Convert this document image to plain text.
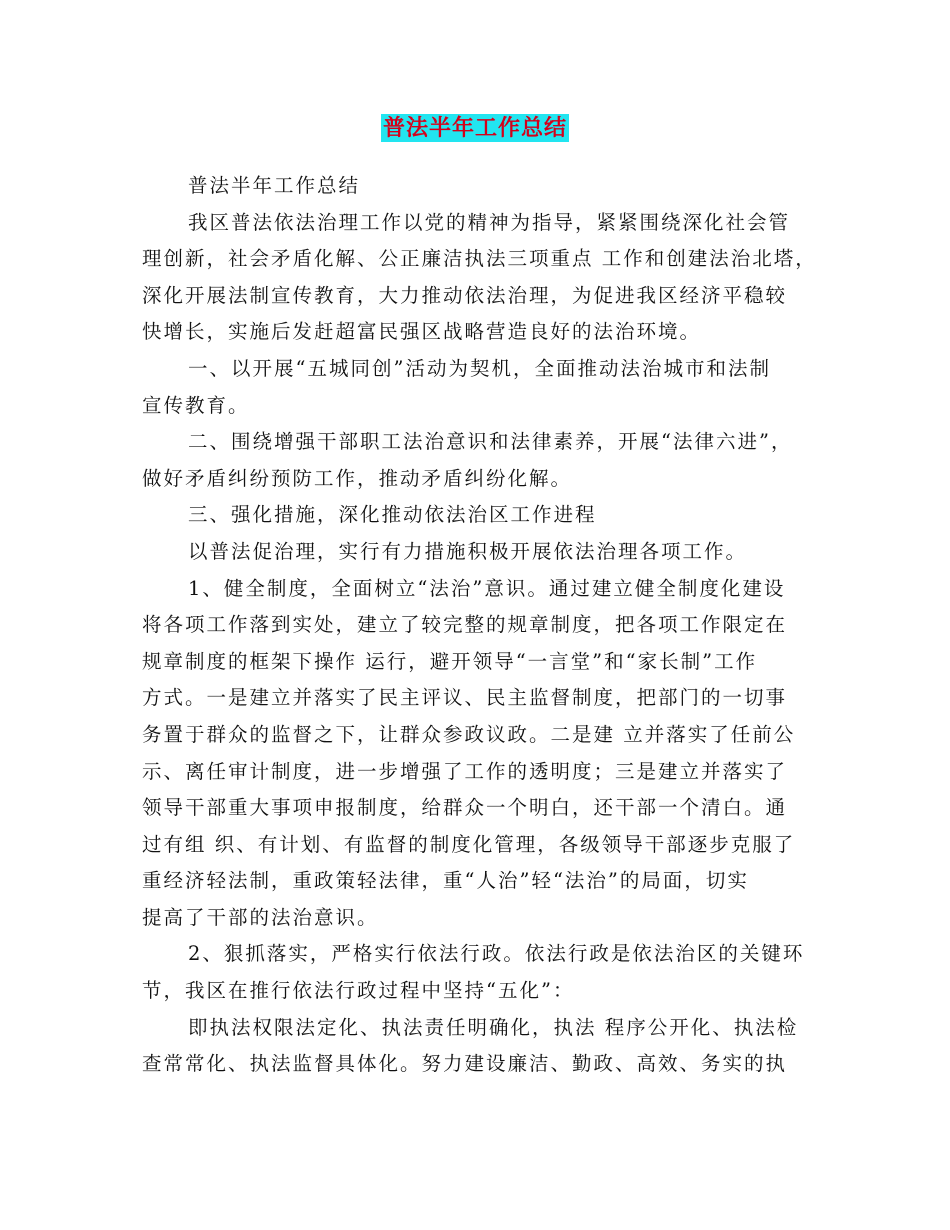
普法半年工作总结

普法半年工作总结

我区普法依法治理工作以党的精神为指导，紧紧围绕深化社会管
理创新，社会矛盾化解、公正廉洁执法三项重点 工作和创建法治北塔，
深化开展法制宣传教育，大力推动依法治理，为促进我区经济平稳较
快增长，实施后发赶超富民强区战略营造良好的法治环境。

一、以开展“五城同创”活动为契机，全面推动法治城市和法制
宣传教育。

二、围绕增强干部职工法治意识和法律素养，开展“法律六进”，
做好矛盾纠纷预防工作，推动矛盾纠纷化解。

三、强化措施，深化推动依法治区工作进程

以普法促治理，实行有力措施积极开展依法治理各项工作。

1、健全制度，全面树立“法治”意识。通过建立健全制度化建设
将各项工作落到实处，建立了较完整的规章制度，把各项工作限定在
规章制度的框架下操作 运行，避开领导“一言堂”和“家长制”工作
方式。一是建立并落实了民主评议、民主监督制度，把部门的一切事
务置于群众的监督之下，让群众参政议政。二是建 立并落实了任前公
示、离任审计制度，进一步增强了工作的透明度；三是建立并落实了
领导干部重大事项申报制度，给群众一个明白，还干部一个清白。通
过有组 织、有计划、有监督的制度化管理，各级领导干部逐步克服了
重经济轻法制，重政策轻法律，重“人治”轻“法治”的局面，切实
提高了干部的法治意识。

2、狠抓落实，严格实行依法行政。依法行政是依法治区的关键环
节，我区在推行依法行政过程中坚持“五化”：

即执法权限法定化、执法责任明确化，执法 程序公开化、执法检
查常常化、执法监督具体化。努力建设廉洁、勤政、高效、务实的执
